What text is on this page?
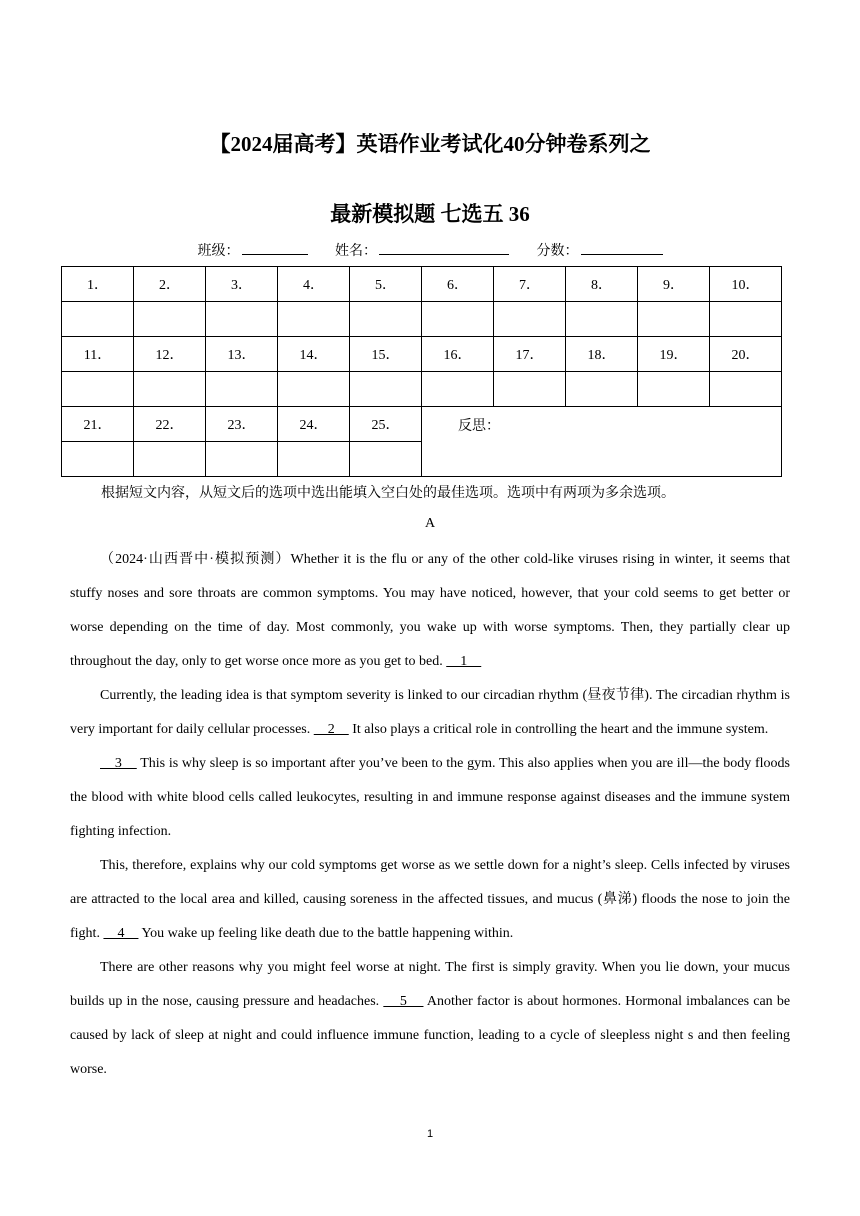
【2024届高考】英语作业考试化40分钟卷系列之
最新模拟题 七选五 36
班级：	姓名：	分数：
1．	2．	3．	4．	5．	6．	7．	8．	9．	10．

11．	12．	13．	14．	15．	16．	17．	18．	19．	20．

21．	22．	23．	24．	25．	反思：				

根据短文内容，从短文后的选项中选出能填入空白处的最佳选项。选项中有两项为多余选项。
A

（2024·山西晋中·模拟预测）Whether it is the flu or any of the other cold-like viruses rising in winter, it seems that stuffy noses and sore throats are common symptoms. You may have noticed, however, that your cold seems to get better or worse depending on the time of day. Most commonly, you wake up with worse symptoms. Then, they partially clear up throughout the day, only to get worse once more as you get to bed.     1

Currently, the leading idea is that symptom severity is linked to our circadian rhythm (昼夜节律). The circadian rhythm is very important for daily cellular processes.     2     It also plays a critical role in controlling the heart and the immune system.

3     This is why sleep is so important after you’ve been to the gym. This also applies when you are ill—the body floods the blood with white blood cells called leukocytes, resulting in and immune response against diseases and the immune system fighting infection.

This, therefore, explains why our cold symptoms get worse as we settle down for a night’s sleep. Cells infected by viruses are attracted to the local area and killed, causing soreness in the affected tissues, and mucus (鼻涕) floods the nose to join the fight.     4     You wake up feeling like death due to the battle happening within.

There are other reasons why you might feel worse at night. The first is simply gravity. When you lie down, your mucus builds up in the nose, causing pressure and headaches.     5     Another factor is about hormones. Hormonal imbalances can be caused by lack of sleep at night and could influence immune function, leading to a cycle of sleepless night s and then feeling worse.

1
